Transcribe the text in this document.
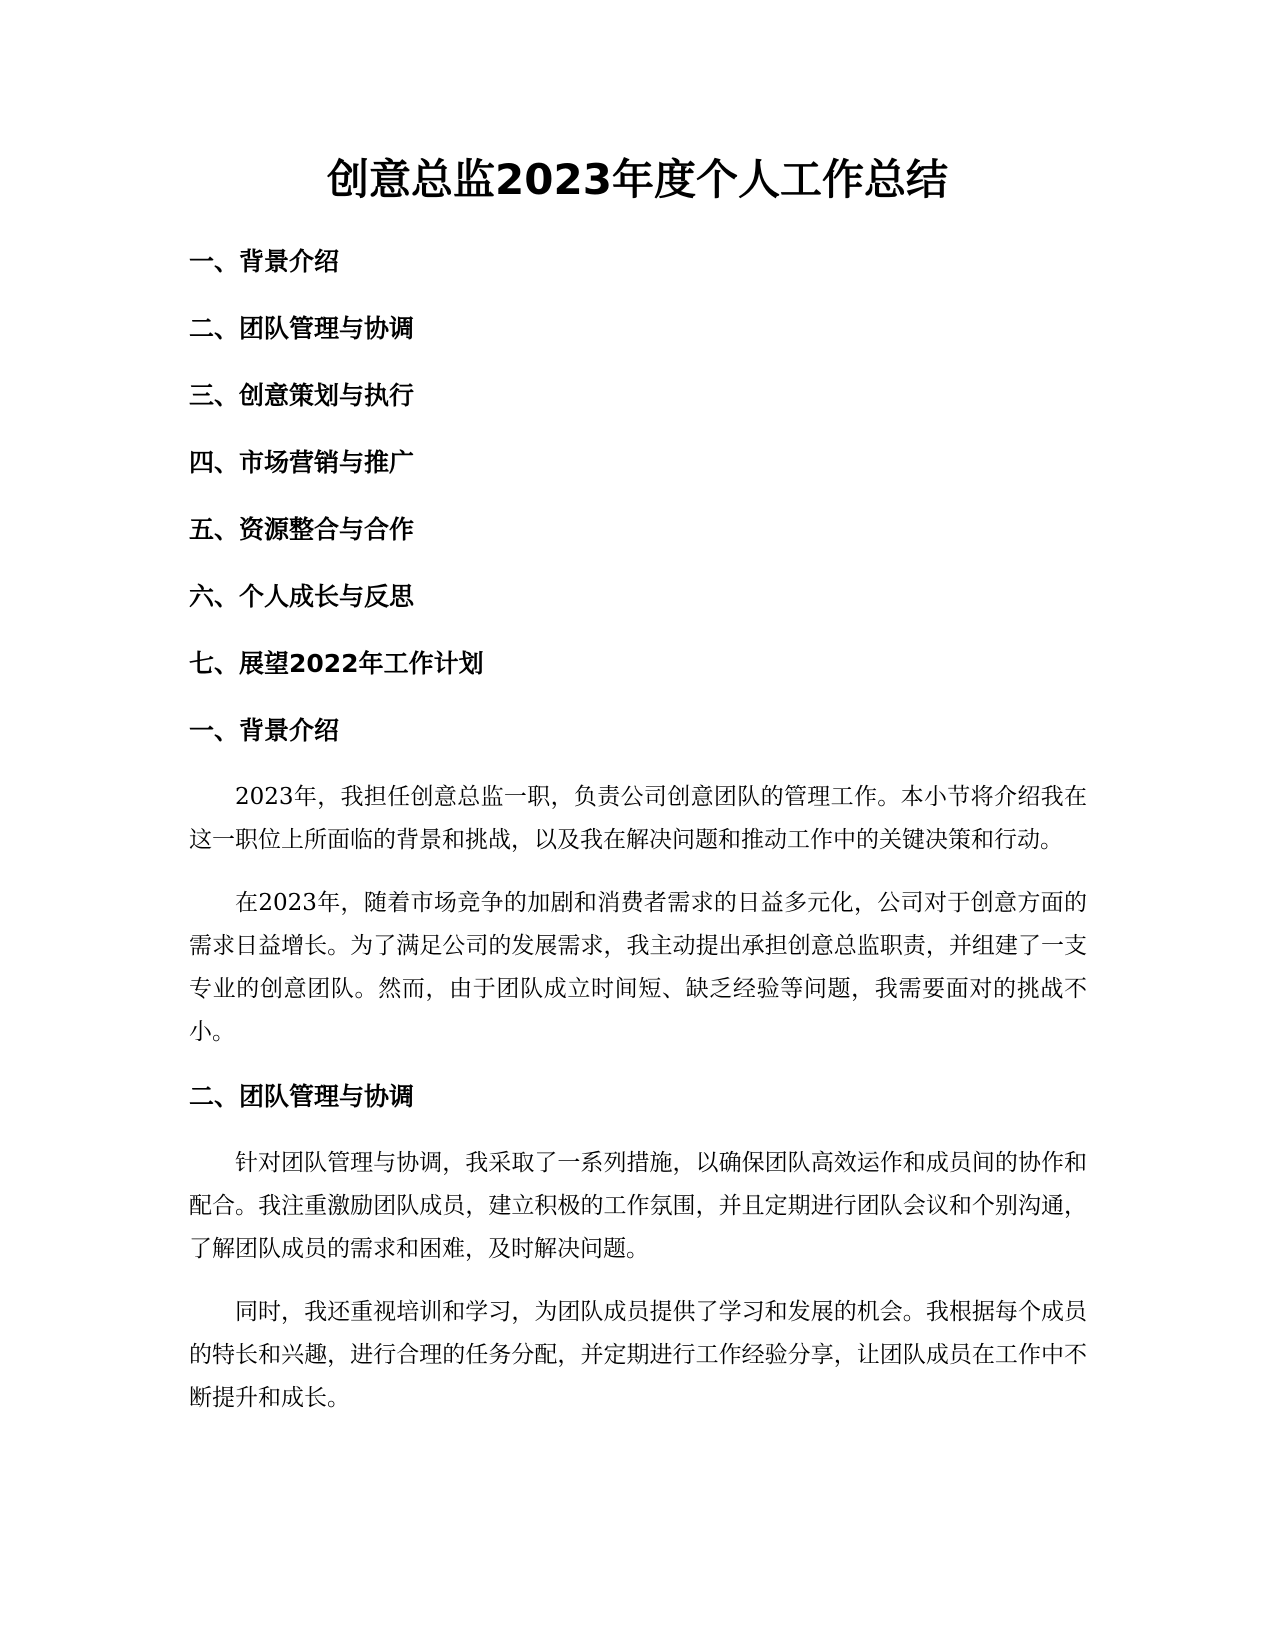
创意总监2023年度个人工作总结
一、背景介绍
二、团队管理与协调
三、创意策划与执行
四、市场营销与推广
五、资源整合与合作
六、个人成长与反思
七、展望2022年工作计划
一、背景介绍

2023年，我担任创意总监一职，负责公司创意团队的管理工作。本小节将介绍我在这一职位上所面临的背景和挑战，以及我在解决问题和推动工作中的关键决策和行动。

在2023年，随着市场竞争的加剧和消费者需求的日益多元化，公司对于创意方面的需求日益增长。为了满足公司的发展需求，我主动提出承担创意总监职责，并组建了一支专业的创意团队。然而，由于团队成立时间短、缺乏经验等问题，我需要面对的挑战不小。

二、团队管理与协调

针对团队管理与协调，我采取了一系列措施，以确保团队高效运作和成员间的协作和配合。我注重激励团队成员，建立积极的工作氛围，并且定期进行团队会议和个别沟通，了解团队成员的需求和困难，及时解决问题。

同时，我还重视培训和学习，为团队成员提供了学习和发展的机会。我根据每个成员的特长和兴趣，进行合理的任务分配，并定期进行工作经验分享，让团队成员在工作中不断提升和成长。
